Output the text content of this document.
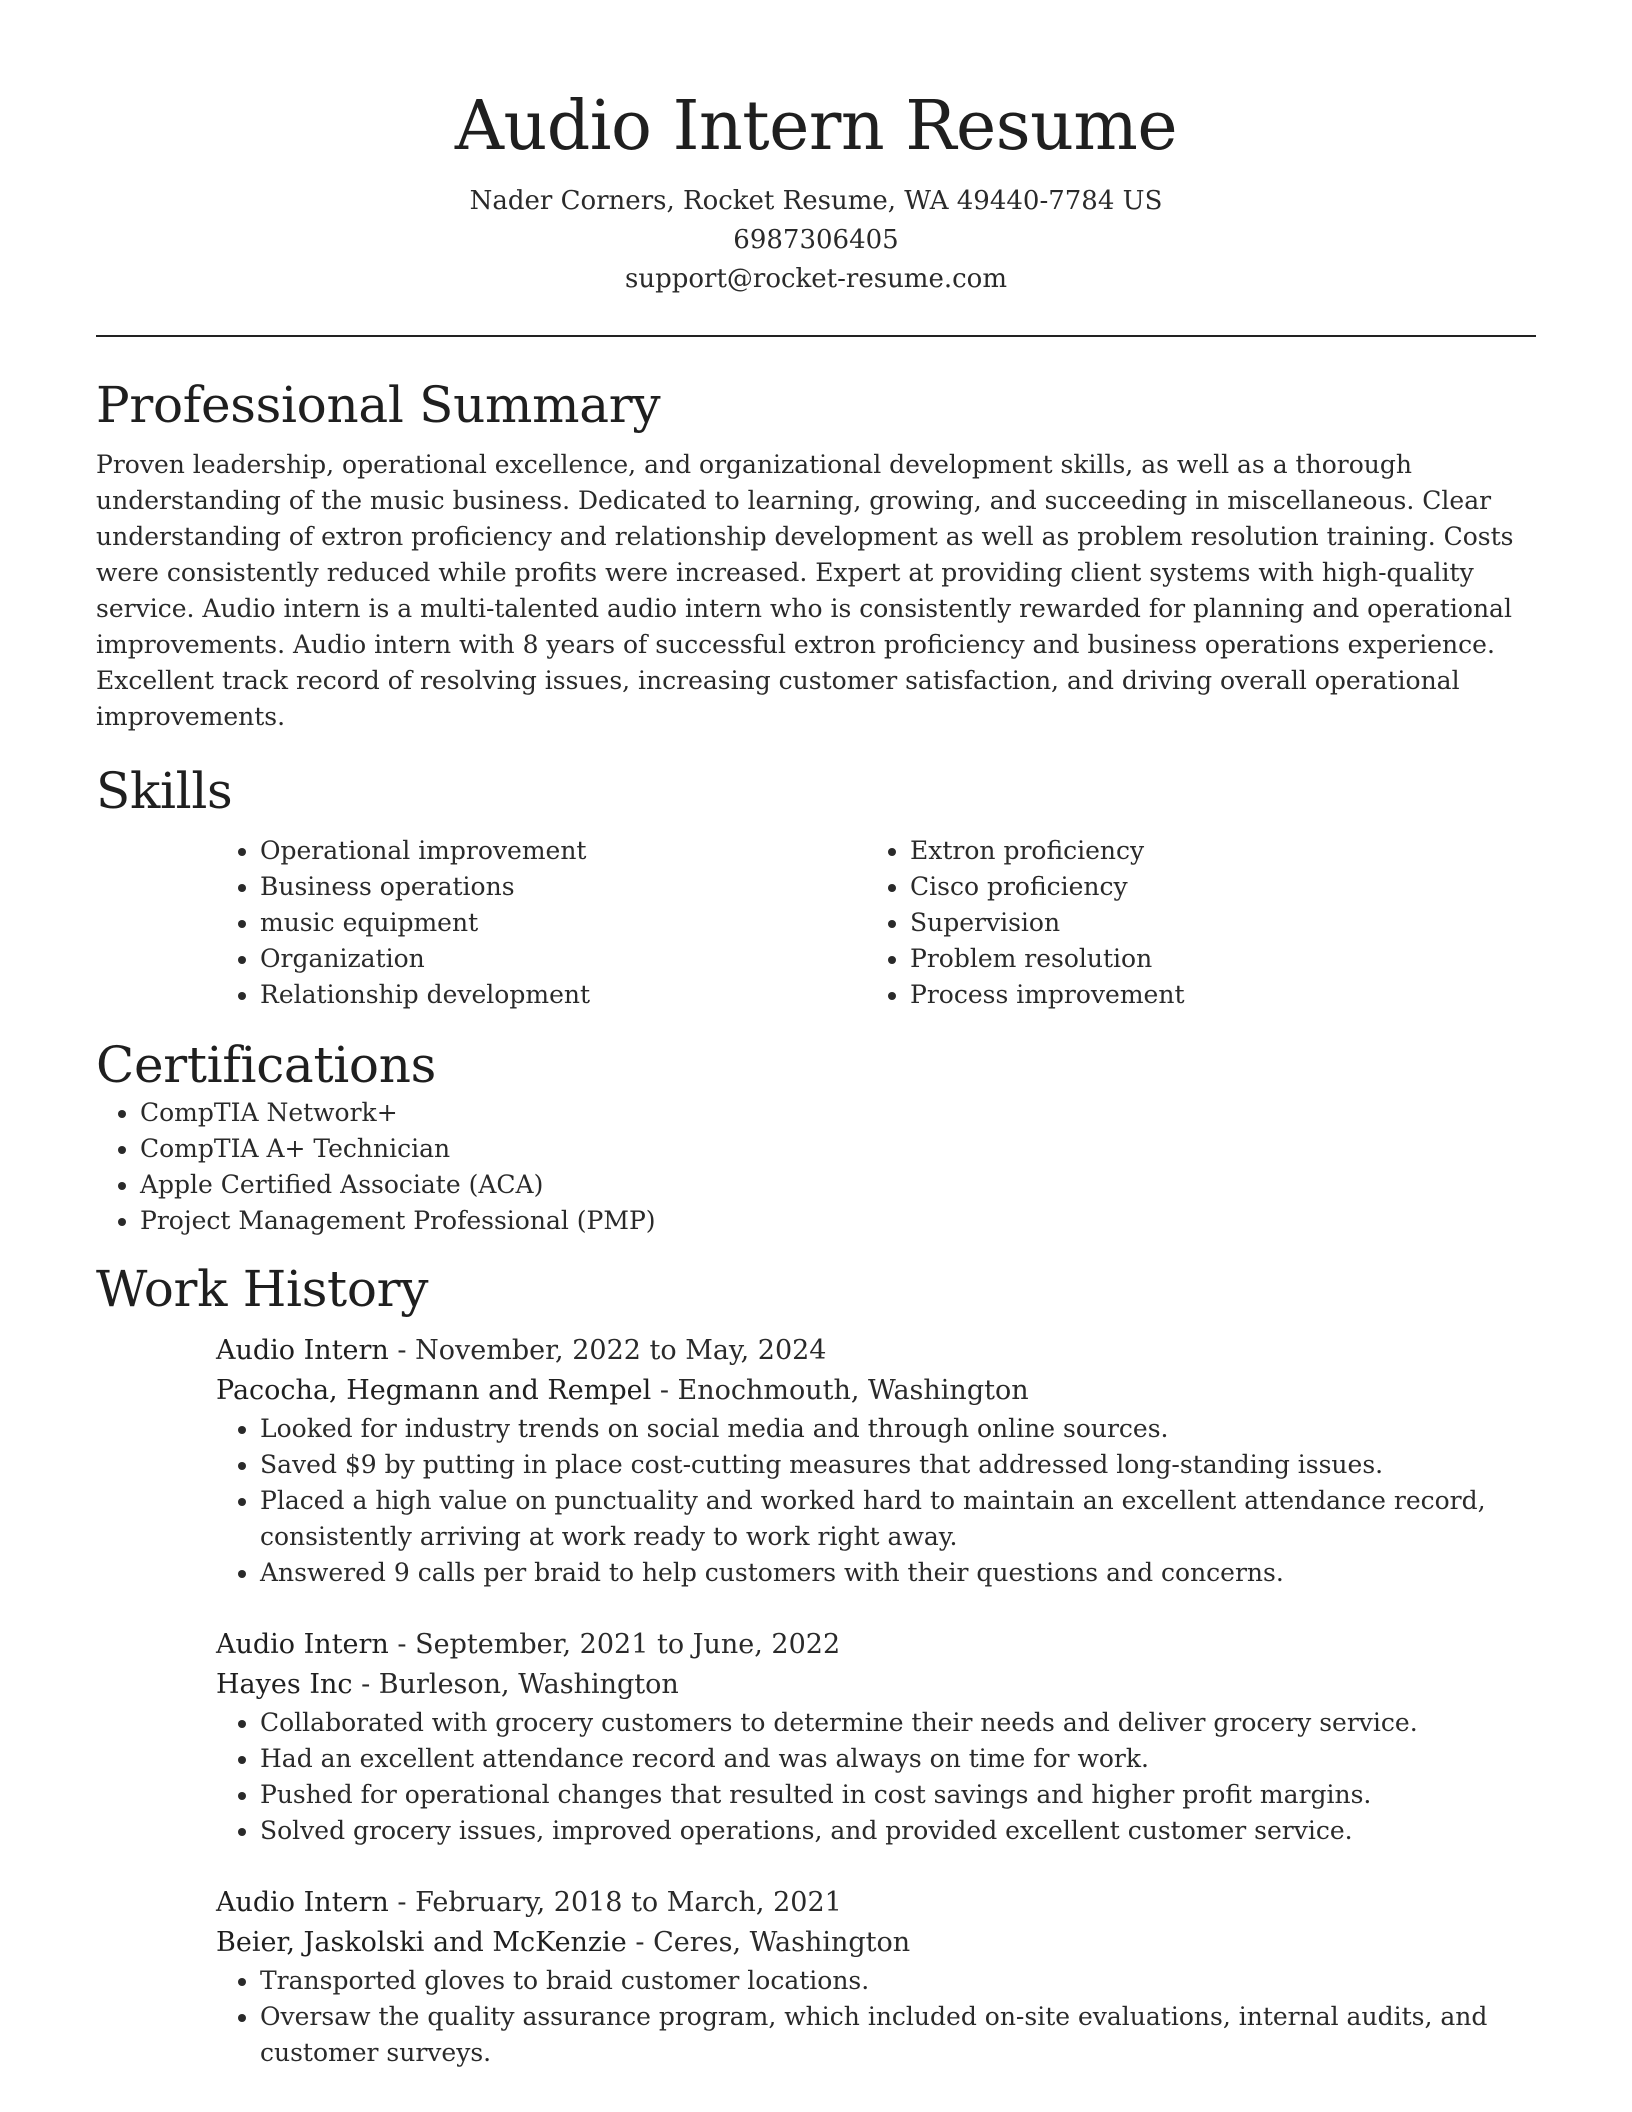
Audio Intern Resume
Nader Corners, Rocket Resume, WA 49440-7784 US
6987306405
support@rocket-resume.com
Professional Summary

Proven leadership, operational excellence, and organizational development skills, as well as a thorough understanding of the music business. Dedicated to learning, growing, and succeeding in miscellaneous. Clear understanding of extron proficiency and relationship development as well as problem resolution training. Costs were consistently reduced while profits were increased. Expert at providing client systems with high-quality service. Audio intern is a multi-talented audio intern who is consistently rewarded for planning and operational improvements. Audio intern with 8 years of successful extron proficiency and business operations experience. Excellent track record of resolving issues, increasing customer satisfaction, and driving overall operational improvements.

Skills
• Operational improvement
• Business operations
• music equipment
• Organization
• Relationship development
• Extron proficiency
• Cisco proficiency
• Supervision
• Problem resolution
• Process improvement
Certifications
• CompTIA Network+
• CompTIA A+ Technician
• Apple Certified Associate (ACA)
• Project Management Professional (PMP)
Work History
Audio Intern - November, 2022 to May, 2024
Pacocha, Hegmann and Rempel - Enochmouth, Washington
• Looked for industry trends on social media and through online sources.
• Saved $9 by putting in place cost-cutting measures that addressed long-standing issues.
• Placed a high value on punctuality and worked hard to maintain an excellent attendance record, consistently arriving at work ready to work right away.
• Answered 9 calls per braid to help customers with their questions and concerns.
Audio Intern - September, 2021 to June, 2022
Hayes Inc - Burleson, Washington
• Collaborated with grocery customers to determine their needs and deliver grocery service.
• Had an excellent attendance record and was always on time for work.
• Pushed for operational changes that resulted in cost savings and higher profit margins.
• Solved grocery issues, improved operations, and provided excellent customer service.
Audio Intern - February, 2018 to March, 2021
Beier, Jaskolski and McKenzie - Ceres, Washington
• Transported gloves to braid customer locations.
• Oversaw the quality assurance program, which included on-site evaluations, internal audits, and customer surveys.
